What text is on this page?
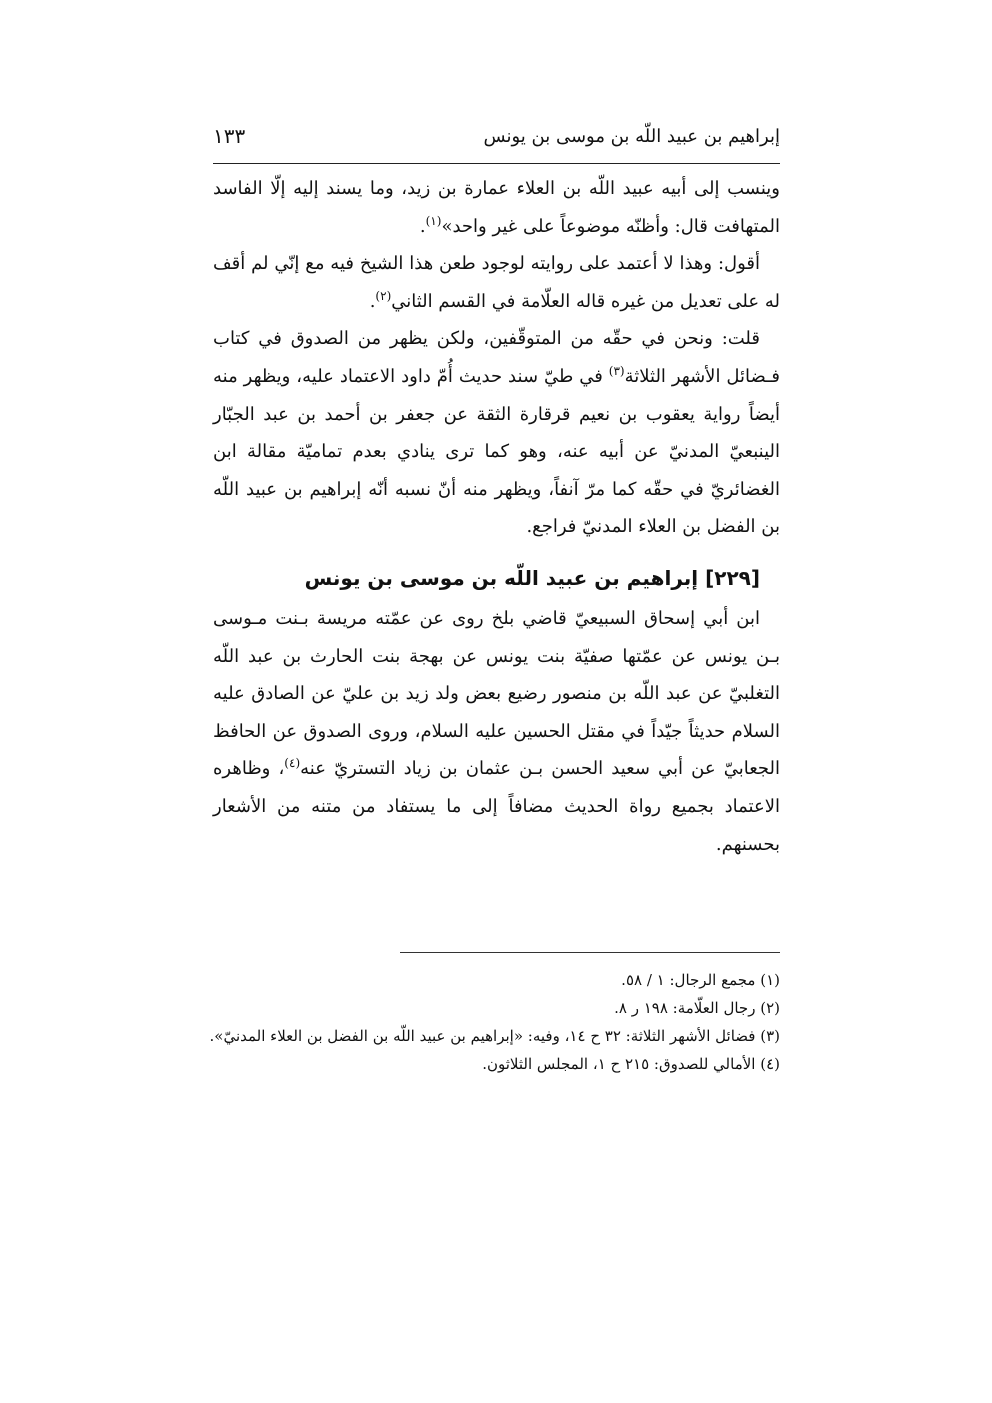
إبراهيم بن عبيد اللّه بن موسى بن يونس
١٣٣

وينسب إلى أبيه عبيد اللّه بن العلاء عمارة بن زيد، وما يسند إليه إلّا الفاسد المتهافت قال: وأظنّه موضوعاً على غير واحد»$^{(١)}$.

أقول: وهذا لا أعتمد على روايته لوجود طعن هذا الشيخ فيه مع إنّي لم أقف له على تعديل من غيره قاله العلّامة في القسم الثاني$^{(٢)}$.

قلت: ونحن في حقّه من المتوقّفين، ولكن يظهر من الصدوق في كتاب فـضائل الأشهر الثلاثة$^{(٣)}$ في طيّ سند حديث أُمّ داود الاعتماد عليه، ويظهر منه أيضاً رواية يعقوب بن نعيم قرقارة الثقة عن جعفر بن أحمد بن عبد الجبّار الينبعيّ المدنيّ عن أبيه عنه، وهو كما ترى ينادي بعدم تماميّة مقالة ابن الغضائريّ في حقّه كما مرّ آنفاً، ويظهر منه أنّ نسبه أنّه إبراهيم بن عبيد اللّه بن الفضل بن العلاء المدنيّ فراجع.

[٢٢٩] إبراهيم بن عبيد اللّه بن موسى بن يونس

ابن أبي إسحاق السبيعيّ قاضي بلخ روى عن عمّته مريسة بـنت مـوسى بـن يونس عن عمّتها صفيّة بنت يونس عن بهجة بنت الحارث بن عبد اللّه التغلبيّ عن عبد اللّه بن منصور رضيع بعض ولد زيد بن عليّ عن الصادق عليه السلام حديثاً جيّداً في مقتل الحسين عليه السلام، وروى الصدوق عن الحافظ الجعابيّ عن أبي سعيد الحسن بـن عثمان بن زياد التستريّ عنه$^{(٤)}$، وظاهره الاعتماد بجميع رواة الحديث مضافاً إلى ما يستفاد من متنه من الأشعار بحسنهم.

(١) مجمع الرجال: ١ / ٥٨.
(٢) رجال العلّامة: ١٩٨ ر ٨.
(٣) فضائل الأشهر الثلاثة: ٣٢ ح ١٤، وفيه: «إبراهيم بن عبيد اللّه بن الفضل بن العلاء المدنيّ».
(٤) الأمالي للصدوق: ٢١٥ ح ١، المجلس الثلاثون.
